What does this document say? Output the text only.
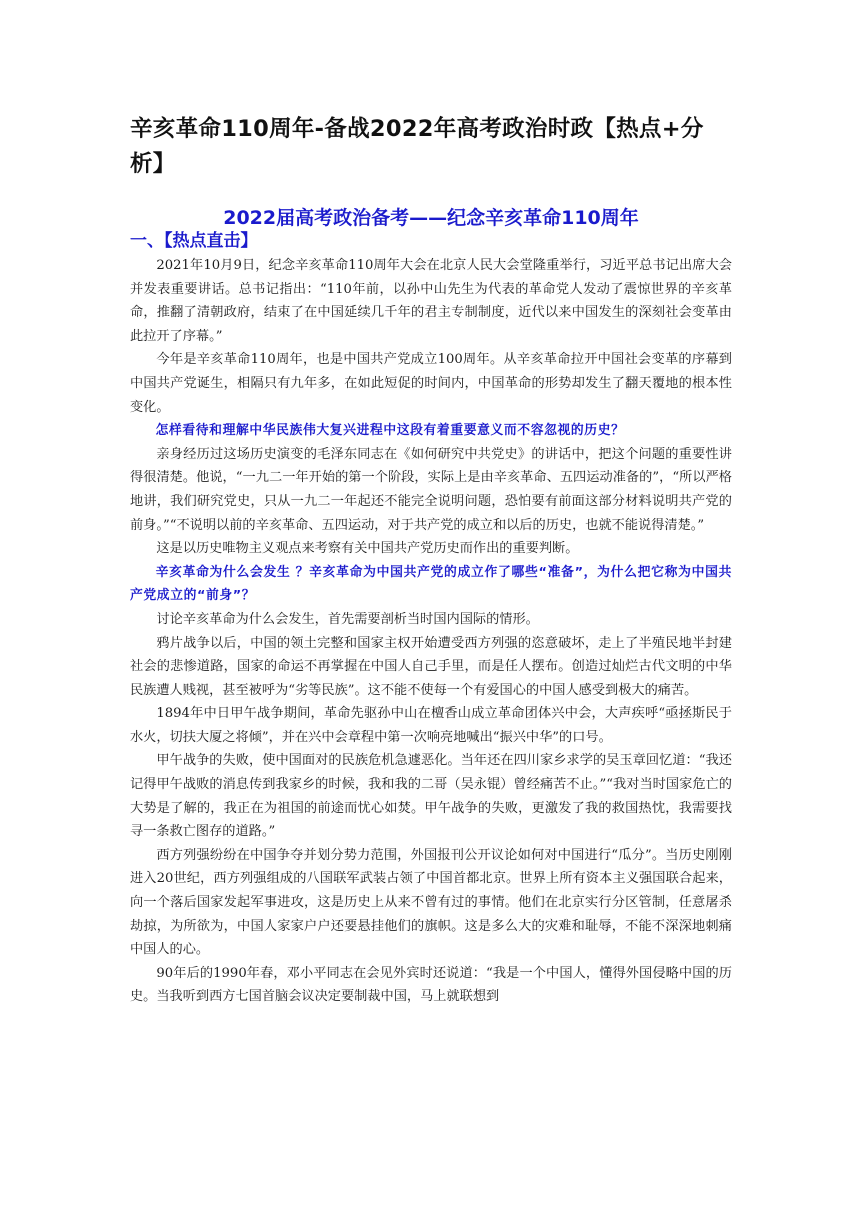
辛亥革命110周年-备战2022年高考政治时政【热点+分析】
2022届高考政治备考——纪念辛亥革命110周年
一、【热点直击】

2021年10月9日，纪念辛亥革命110周年大会在北京人民大会堂隆重举行，习近平总书记出席大会并发表重要讲话。总书记指出：“110年前，以孙中山先生为代表的革命党人发动了震惊世界的辛亥革命，推翻了清朝政府，结束了在中国延续几千年的君主专制制度，近代以来中国发生的深刻社会变革由此拉开了序幕。”

今年是辛亥革命110周年，也是中国共产党成立100周年。从辛亥革命拉开中国社会变革的序幕到中国共产党诞生，相隔只有九年多，在如此短促的时间内，中国革命的形势却发生了翻天覆地的根本性变化。

怎样看待和理解中华民族伟大复兴进程中这段有着重要意义而不容忽视的历史？

亲身经历过这场历史演变的毛泽东同志在《如何研究中共党史》的讲话中，把这个问题的重要性讲得很清楚。他说，“一九二一年开始的第一个阶段，实际上是由辛亥革命、五四运动准备的”，“所以严格地讲，我们研究党史，只从一九二一年起还不能完全说明问题，恐怕要有前面这部分材料说明共产党的前身。”“不说明以前的辛亥革命、五四运动，对于共产党的成立和以后的历史，也就不能说得清楚。”

这是以历史唯物主义观点来考察有关中国共产党历史而作出的重要判断。

辛亥革命为什么会发生 ？辛亥革命为中国共产党的成立作了哪些“准备”，为什么把它称为中国共产党成立的“前身”？

讨论辛亥革命为什么会发生，首先需要剖析当时国内国际的情形。

鸦片战争以后，中国的领土完整和国家主权开始遭受西方列强的恣意破坏，走上了半殖民地半封建社会的悲惨道路，国家的命运不再掌握在中国人自己手里，而是任人摆布。创造过灿烂古代文明的中华民族遭人贱视，甚至被呼为“劣等民族”。这不能不使每一个有爱国心的中国人感受到极大的痛苦。

1894年中日甲午战争期间，革命先驱孙中山在檀香山成立革命团体兴中会，大声疾呼“亟拯斯民于水火，切扶大厦之将倾”，并在兴中会章程中第一次响亮地喊出“振兴中华”的口号。

甲午战争的失败，使中国面对的民族危机急遽恶化。当年还在四川家乡求学的吴玉章回忆道：“我还记得甲午战败的消息传到我家乡的时候，我和我的二哥（吴永锟）曾经痛苦不止。”“我对当时国家危亡的大势是了解的，我正在为祖国的前途而忧心如焚。甲午战争的失败，更激发了我的救国热忱，我需要找寻一条救亡图存的道路。”

西方列强纷纷在中国争夺并划分势力范围，外国报刊公开议论如何对中国进行“瓜分”。当历史刚刚进入20世纪，西方列强组成的八国联军武装占领了中国首都北京。世界上所有资本主义强国联合起来，向一个落后国家发起军事进攻，这是历史上从来不曾有过的事情。他们在北京实行分区管制，任意屠杀劫掠，为所欲为，中国人家家户户还要悬挂他们的旗帜。这是多么大的灾难和耻辱，不能不深深地刺痛中国人的心。

90年后的1990年春，邓小平同志在会见外宾时还说道：“我是一个中国人，懂得外国侵略中国的历史。当我听到西方七国首脑会议决定要制裁中国，马上就联想到
